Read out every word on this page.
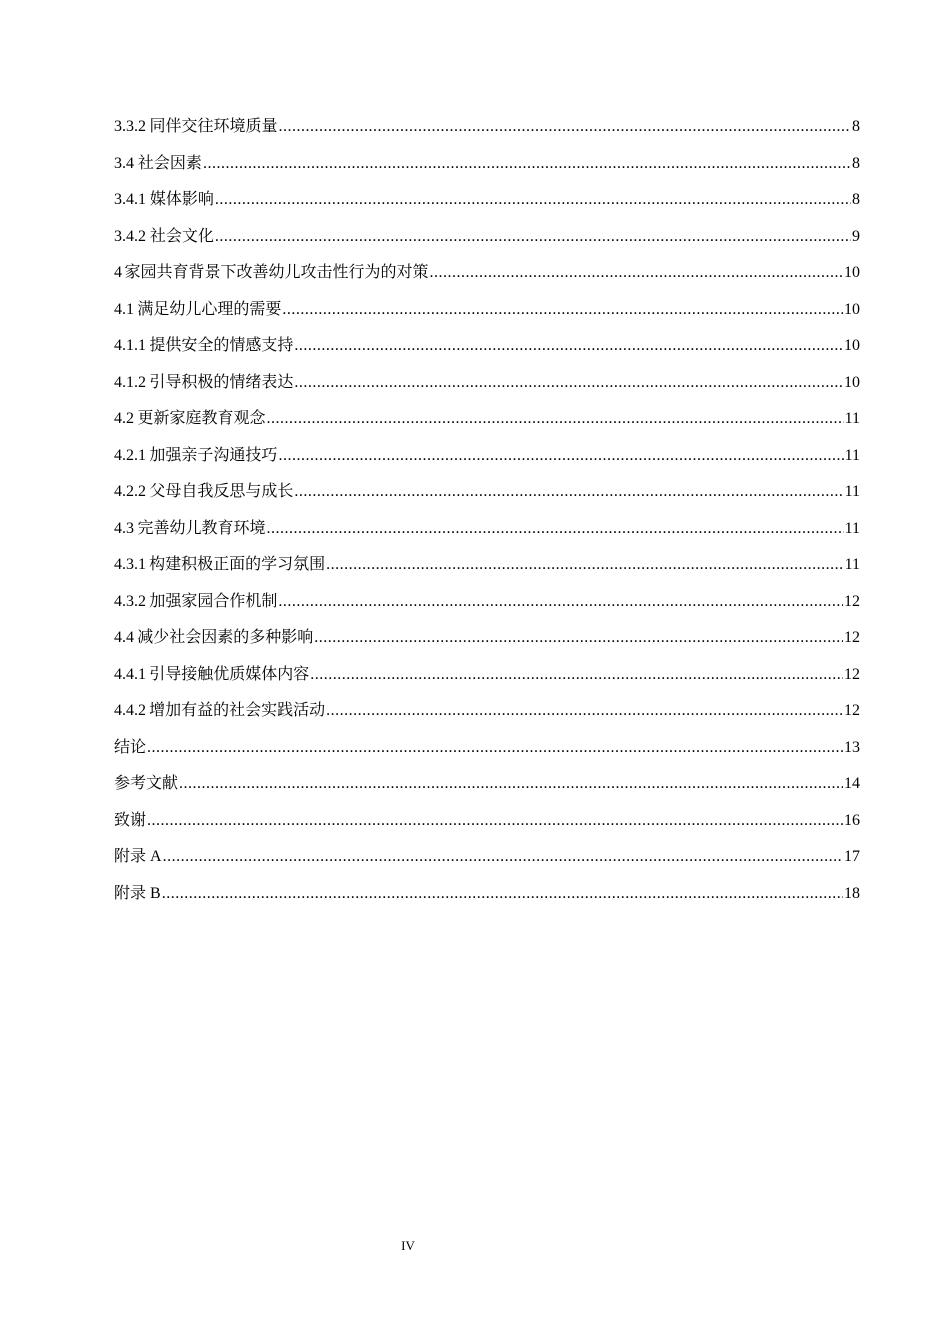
3.3.2 同伴交往环境质量 .....	8
3.4 社会因素 .....	8
3.4.1 媒体影响 .....	8
3.4.2 社会文化 .....	9
4 家园共育背景下改善幼儿攻击性行为的对策 .....	10
4.1 满足幼儿心理的需要 .....	10
4.1.1 提供安全的情感支持 .....	10
4.1.2 引导积极的情绪表达 .....	10
4.2 更新家庭教育观念 .....	11
4.2.1 加强亲子沟通技巧 .....	11
4.2.2 父母自我反思与成长 .....	11
4.3 完善幼儿教育环境 .....	11
4.3.1 构建积极正面的学习氛围 .....	11
4.3.2 加强家园合作机制 .....	12
4.4 减少社会因素的多种影响 .....	12
4.4.1 引导接触优质媒体内容 .....	12
4.4.2 增加有益的社会实践活动 .....	12
结论 .....	13
参考文献 .....	14
致谢 .....	16
附录 A .....	17
附录 B .....	18
IV
